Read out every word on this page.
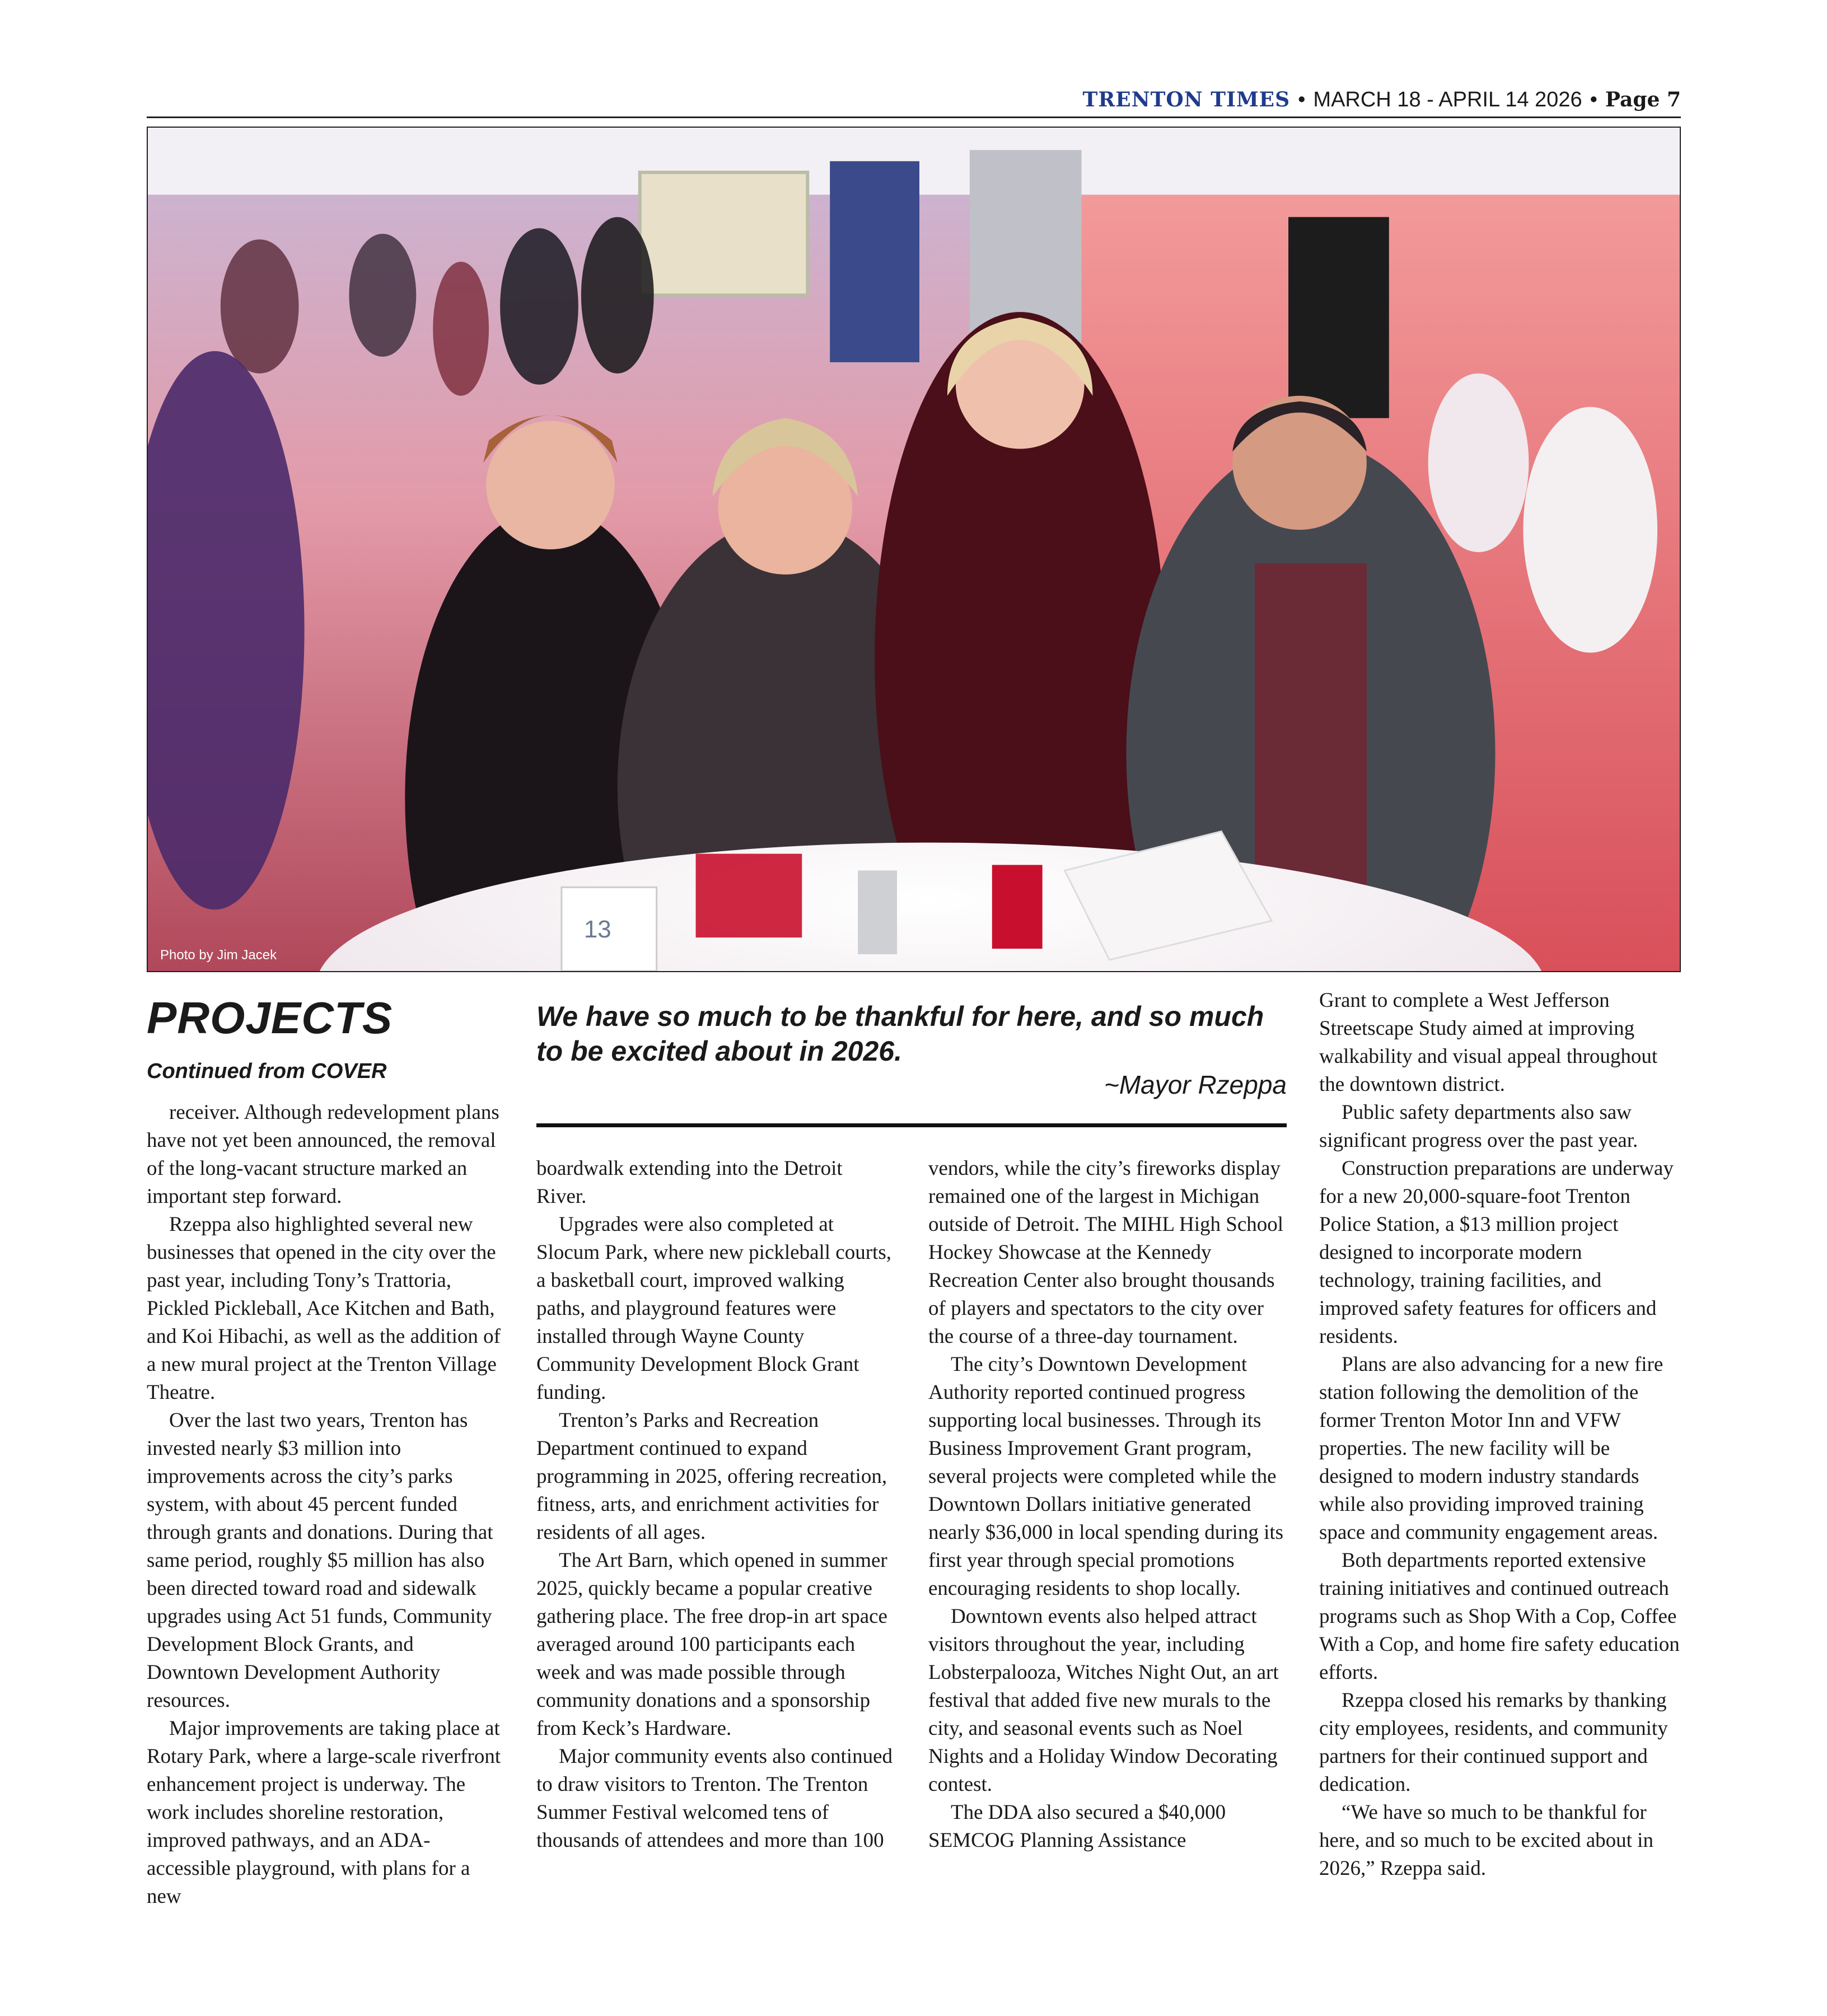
TRENTON TIMES • MARCH 18 - APRIL 14 2026 • Page 7
13
Photo by Jim Jacek
PROJECTS
Continued from COVER
We have so much to be thankful for here, and so much to be excited about in 2026.
~Mayor Rzeppa

receiver. Although redevelopment plans have not yet been announced, the removal of the long-vacant structure marked an important step forward.

Rzeppa also highlighted several new businesses that opened in the city over the past year, including Tony’s Trattoria, Pickled Pickleball, Ace Kitchen and Bath, and Koi Hibachi, as well as the addition of a new mural project at the Trenton Village Theatre.

Over the last two years, Trenton has invested nearly $3 million into improvements across the city’s parks system, with about 45 percent funded through grants and donations. During that same period, roughly $5 million has also been directed toward road and sidewalk upgrades using Act 51 funds, Community Development Block Grants, and Downtown Development Authority resources.

Major improvements are taking place at Rotary Park, where a large-scale riverfront enhancement project is underway. The work includes shoreline restoration, improved pathways, and an ADA-accessible playground, with plans for a new

boardwalk extending into the Detroit River.

Upgrades were also completed at Slocum Park, where new pickleball courts, a basketball court, improved walking paths, and playground features were installed through Wayne County Community Development Block Grant funding.

Trenton’s Parks and Recreation Department continued to expand programming in 2025, offering recreation, fitness, arts, and enrichment activities for residents of all ages.

The Art Barn, which opened in summer 2025, quickly became a popular creative gathering place. The free drop-in art space averaged around 100 participants each week and was made possible through community donations and a sponsorship from Keck’s Hardware.

Major community events also continued to draw visitors to Trenton. The Trenton Summer Festival welcomed tens of thousands of attendees and more than 100

vendors, while the city’s fireworks display remained one of the largest in Michigan outside of Detroit. The MIHL High School Hockey Showcase at the Kennedy Recreation Center also brought thousands of players and spectators to the city over the course of a three-day tournament.

The city’s Downtown Development Authority reported continued progress supporting local businesses. Through its Business Improvement Grant program, several projects were completed while the Downtown Dollars initiative generated nearly $36,000 in local spending during its first year through special promotions encouraging residents to shop locally.

Downtown events also helped attract visitors throughout the year, including Lobsterpalooza, Witches Night Out, an art festival that added five new murals to the city, and seasonal events such as Noel Nights and a Holiday Window Decorating contest.

The DDA also secured a $40,000 SEMCOG Planning Assistance

Grant to complete a West Jefferson Streetscape Study aimed at improving walkability and visual appeal throughout the downtown district.

Public safety departments also saw significant progress over the past year.

Construction preparations are underway for a new 20,000-square-foot Trenton Police Station, a $13 million project designed to incorporate modern technology, training facilities, and improved safety features for officers and residents.

Plans are also advancing for a new fire station following the demolition of the former Trenton Motor Inn and VFW properties. The new facility will be designed to modern industry standards while also providing improved training space and community engagement areas.

Both departments reported extensive training initiatives and continued outreach programs such as Shop With a Cop, Coffee With a Cop, and home fire safety education efforts.

Rzeppa closed his remarks by thanking city employees, residents, and community partners for their continued support and dedication.

“We have so much to be thankful for here, and so much to be excited about in 2026,” Rzeppa said.
